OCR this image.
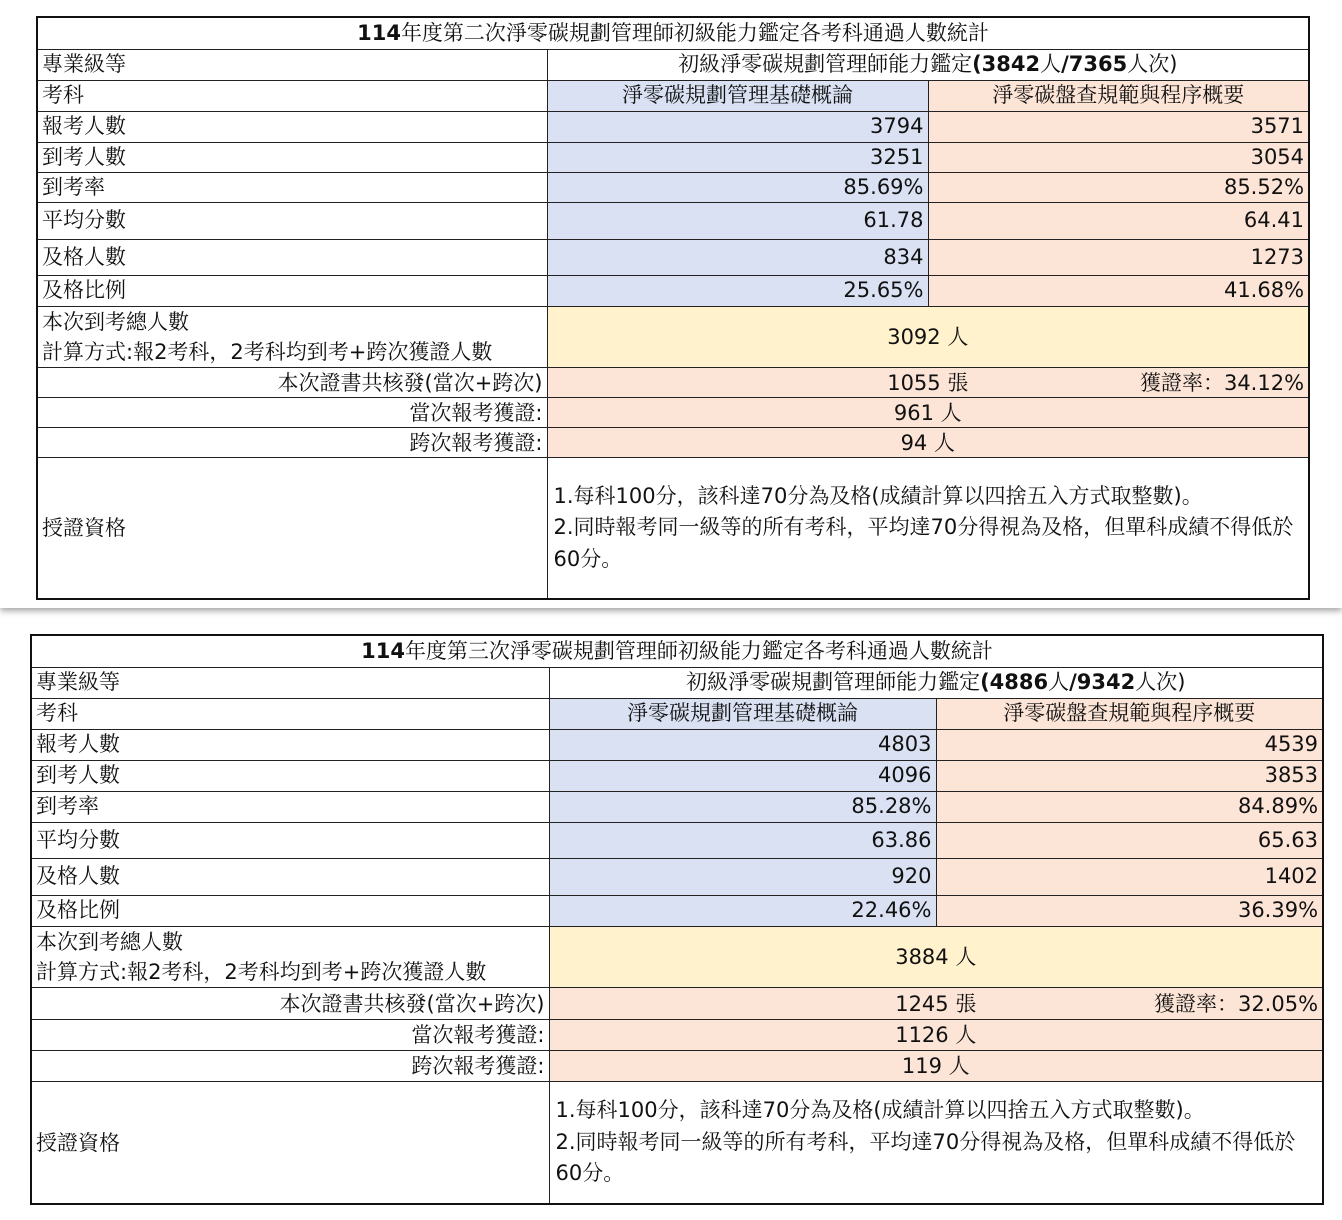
114年度第二次淨零碳規劃管理師初級能力鑑定各考科通過人數統計		
專業級等	初級淨零碳規劃管理師能力鑑定(3842人/7365人次)	
考科	淨零碳規劃管理基礎概論	淨零碳盤查規範與程序概要
報考人數	3794	3571
到考人數	3251	3054
到考率	85.69%	85.52%
平均分數	61.78	64.41
及格人數	834	1273
及格比例	25.65%	41.68%

本次到考總人數
計算方式:報2考科，2考科均到考+跨次獲證人數	3092 人	
本次證書共核發(當次+跨次)	1055 張 獲證率：34.12%	

當次報考獲證:	961 人	
跨次報考獲證:	94 人	
授證資格	1.每科100分，該科達70分為及格(成績計算以四捨五入方式取整數)。
2.同時報考同一級等的所有考科，平均達70分得視為及格，但單科成績不得低於60分。	
114年度第三次淨零碳規劃管理師初級能力鑑定各考科通過人數統計		
專業級等	初級淨零碳規劃管理師能力鑑定(4886人/9342人次)	
考科	淨零碳規劃管理基礎概論	淨零碳盤查規範與程序概要
報考人數	4803	4539
到考人數	4096	3853
到考率	85.28%	84.89%
平均分數	63.86	65.63
及格人數	920	1402
及格比例	22.46%	36.39%

本次到考總人數
計算方式:報2考科，2考科均到考+跨次獲證人數	3884 人	
本次證書共核發(當次+跨次)	1245 張 獲證率：32.05%	

當次報考獲證:	1126 人	
跨次報考獲證:	119 人	
授證資格	1.每科100分，該科達70分為及格(成績計算以四捨五入方式取整數)。
2.同時報考同一級等的所有考科，平均達70分得視為及格，但單科成績不得低於60分。	
